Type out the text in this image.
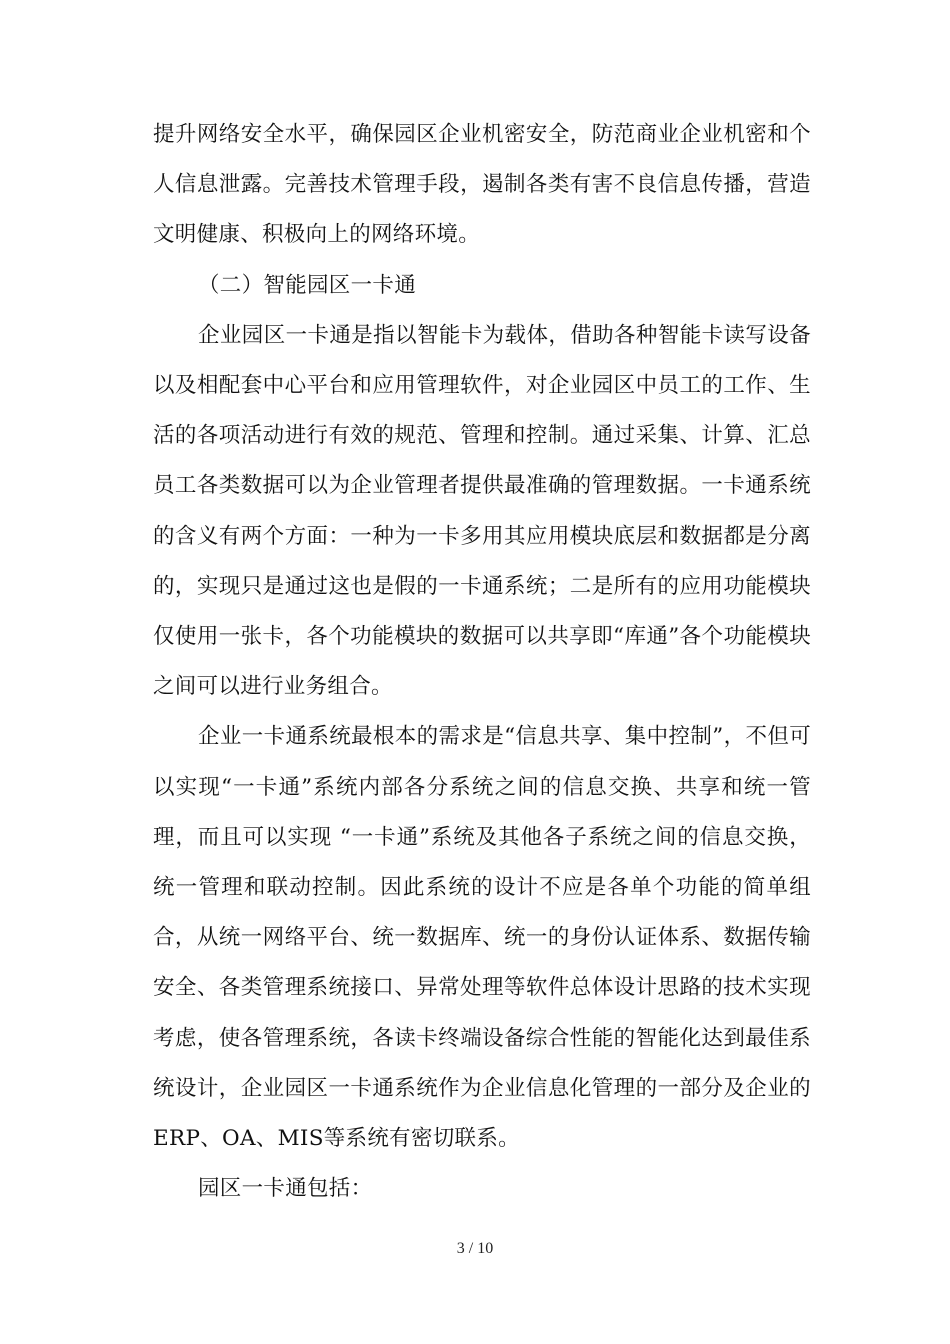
提升网络安全水平，确保园区企业机密安全，防范商业企业机密和个人信息泄露。完善技术管理手段，遏制各类有害不良信息传播，营造文明健康、积极向上的网络环境。

（二）智能园区一卡通

企业园区一卡通是指以智能卡为载体，借助各种智能卡读写设备以及相配套中心平台和应用管理软件，对企业园区中员工的工作、生活的各项活动进行有效的规范、管理和控制。通过采集、计算、汇总员工各类数据可以为企业管理者提供最准确的管理数据。一卡通系统的含义有两个方面：一种为一卡多用其应用模块底层和数据都是分离的，实现只是通过这也是假的一卡通系统；二是所有的应用功能模块仅使用一张卡，各个功能模块的数据可以共享即“库通”各个功能模块之间可以进行业务组合。

企业一卡通系统最根本的需求是“信息共享、集中控制”，不但可以实现“一卡通”系统内部各分系统之间的信息交换、共享和统一管理，而且可以实现 “一卡通”系统及其他各子系统之间的信息交换，统一管理和联动控制。因此系统的设计不应是各单个功能的简单组合，从统一网络平台、统一数据库、统一的身份认证体系、数据传输安全、各类管理系统接口、异常处理等软件总体设计思路的技术实现考虑，使各管理系统，各读卡终端设备综合性能的智能化达到最佳系统设计，企业园区一卡通系统作为企业信息化管理的一部分及企业的ERP、OA、MIS等系统有密切联系。

园区一卡通包括：

3 / 10
